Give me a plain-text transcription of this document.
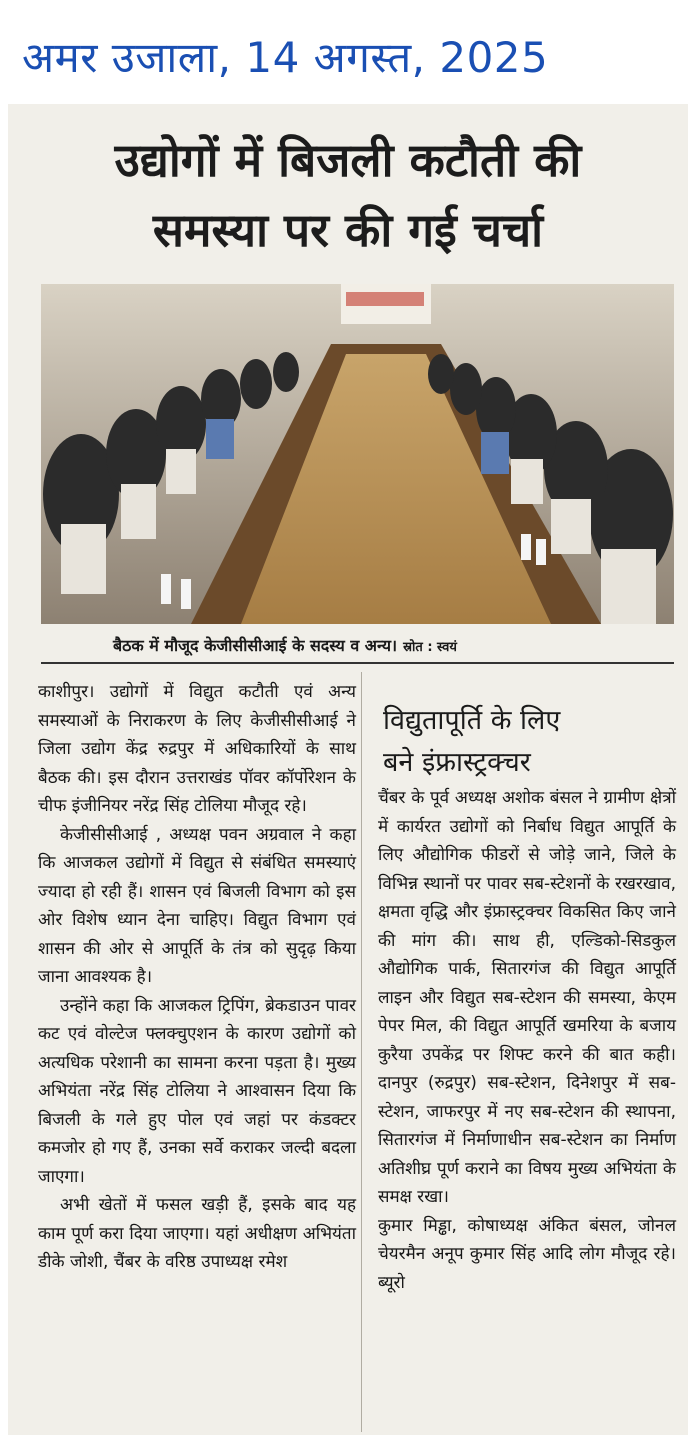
अमर उजाला, 14 अगस्त, 2025
उद्योगों में बिजली कटौती की
समस्या पर की गई चर्चा
बैठक में मौजूद केजीसीसीआई के सदस्य व अन्य। स्रोत : स्वयं

काशीपुर। उद्योगों में विद्युत कटौती एवं अन्य समस्याओं के निराकरण के लिए केजीसीसीआई ने जिला उद्योग केंद्र रुद्रपुर में अधिकारियों के साथ बैठक की। इस दौरान उत्तराखंड पॉवर कॉर्पोरेशन के चीफ इंजीनियर नरेंद्र सिंह टोलिया मौजूद रहे।

केजीसीसीआई , अध्यक्ष पवन अग्रवाल ने कहा कि आजकल उद्योगों में विद्युत से संबंधित समस्याएं ज्यादा हो रही हैं। शासन एवं बिजली विभाग को इस ओर विशेष ध्यान देना चाहिए। विद्युत विभाग एवं शासन की ओर से आपूर्ति के तंत्र को सुदृढ़ किया जाना आवश्यक है।

उन्होंने कहा कि आजकल ट्रिपिंग, ब्रेकडाउन पावर कट एवं वोल्टेज फ्लक्चुएशन के कारण उद्योगों को अत्यधिक परेशानी का सामना करना पड़ता है। मुख्य अभियंता नरेंद्र सिंह टोलिया ने आश्वासन दिया कि बिजली के गले हुए पोल एवं जहां पर कंडक्टर कमजोर हो गए हैं, उनका सर्वे कराकर जल्दी बदला जाएगा।

अभी खेतों में फसल खड़ी हैं, इसके बाद यह काम पूर्ण करा दिया जाएगा। यहां अधीक्षण अभियंता डीके जोशी, चैंबर के वरिष्ठ उपाध्यक्ष रमेश

विद्युतापूर्ति के लिए
बने इंफ्रास्ट्रक्चर

चैंबर के पूर्व अध्यक्ष अशोक बंसल ने ग्रामीण क्षेत्रों में कार्यरत उद्योगों को निर्बाध विद्युत आपूर्ति के लिए औद्योगिक फीडरों से जोड़े जाने, जिले के विभिन्न स्थानों पर पावर सब-स्टेशनों के रखरखाव, क्षमता वृद्धि और इंफ्रास्ट्रक्चर विकसित किए जाने की मांग की। साथ ही, एल्डिको-सिडकुल औद्योगिक पार्क, सितारगंज की विद्युत आपूर्ति लाइन और विद्युत सब-स्टेशन की समस्या, केएम पेपर मिल, की विद्युत आपूर्ति खमरिया के बजाय कुरैया उपकेंद्र पर शिफ्ट करने की बात कही। दानपुर (रुद्रपुर) सब-स्टेशन, दिनेशपुर में सब-स्टेशन, जाफरपुर में नए सब-स्टेशन की स्थापना, सितारगंज में निर्माणाधीन सब-स्टेशन का निर्माण अतिशीघ्र पूर्ण कराने का विषय मुख्य अभियंता के समक्ष रखा।

कुमार मिड्ढा, कोषाध्यक्ष अंकित बंसल, जोनल चेयरमैन अनूप कुमार सिंह आदि लोग मौजूद रहे। ब्यूरो
